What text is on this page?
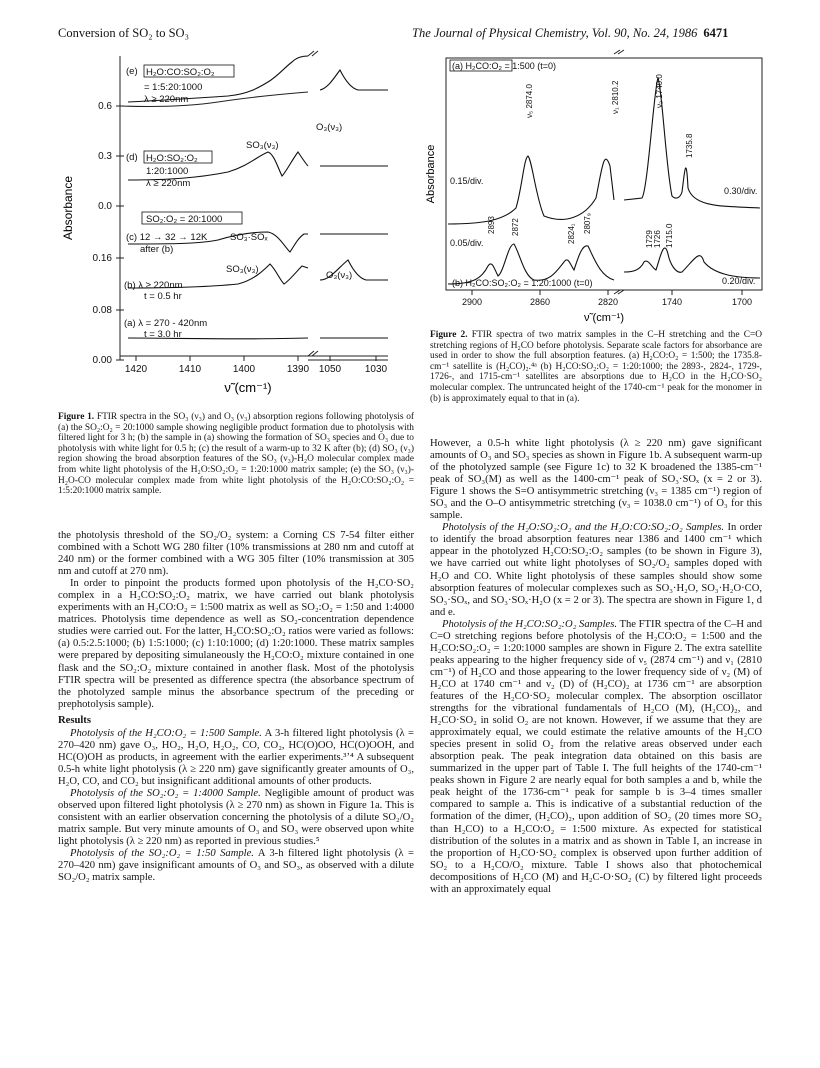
Conversion of SO₂ to SO₃	The Journal of Physical Chemistry, Vol. 90, No. 24, 1986 6471
0.6
0.3
0.0
0.16
0.08
0.00
Absorbance
1420	1410	1400	1390 1050 1030
ν̃ (cm⁻¹)
(e) H₂O:CO:SO₂:O₂
= 1:5:20:1000
λ ≥ 220nm
O₃(ν₃)
SO₃(ν₃)
(d) H₂O:SO₂:O₂
1:20:1000
λ ≥ 220nm
SO₂:O₂ = 20:1000
(c) 12 → 32 → 12K SO₃·SOₓ
after (b)
SO₃(ν₃)
O₃(ν₃)
(b) λ ≥ 220nm
t = 0.5 hr
(a) λ = 270 - 420nm
t = 3.0 hr
Figure 1. FTIR spectra in the SO₃ (ν₃) and O₃ (ν₃) absorption regions following photolysis of (a) the SO₂:O₂ = 20:1000 sample showing negligible product formation due to photolysis with filtered light for 3 h; (b) the sample in (a) showing the formation of SO₃ species and O₃ due to photolysis with white light for 0.5 h; (c) the result of a warm-up to 32 K after (b); (d) SO₃ (ν₃) region showing the broad absorption features of the SO₃ (ν₃)-H₂O molecular complex made from white light photolysis of the H₂O:SO₂:O₂ = 1:20:1000 matrix sample; (e) the SO₃ (ν₃)-H₂O-CO molecular complex made from white light photolysis of the H₂O:CO:SO₂:O₂ = 1:5:20:1000 matrix sample.

the photolysis threshold of the SO₂/O₂ system: a Corning CS 7-54 filter either combined with a Schott WG 280 filter (10% transmissions at 280 nm and cutoff at 240 nm) or the former combined with a WG 305 filter (10% transmission at 305 nm and cutoff at 270 nm).

In order to pinpoint the products formed upon photolysis of the H₂CO·SO₂ complex in a H₂CO:SO₂:O₂ matrix, we have carried out blank photolysis experiments with an H₂CO:O₂ = 1:500 matrix as well as SO₂:O₂ = 1:50 and 1:4000 matrices. Photolysis time dependence as well as SO₂-concentration dependence studies were carried out. For the latter, H₂CO:SO₂:O₂ ratios were varied as follows: (a) 0.5:2.5:1000; (b) 1:5:1000; (c) 1:10:1000; (d) 1:20:1000. These matrix samples were prepared by depositing simulaneously the H₂CO:O₂ mixture contained in one flask and the SO₂:O₂ mixture contained in another flask. Most of the photolysis FTIR spectra will be presented as difference spectra (the absorbance spectrum of the photolyzed sample minus the absorbance spectrum of the preceding or prephotolysis sample).

Results

Photolysis of the H₂CO:O₂ = 1:500 Sample. A 3-h filtered light photolysis (λ = 270–420 nm) gave O₃, HO₂, H₂O, H₂O₂, CO, CO₂, HC(O)OO, HC(O)OOH, and HC(O)OH as products, in agreement with the earlier experiments.³ʼ⁴ A subsequent 0.5-h white light photolysis (λ ≥ 220 nm) gave significantly greater amounts of O₃, H₂O, CO, and CO₂ but insignificant additional amounts of other products.

Photolysis of the SO₂:O₂ = 1:4000 Sample. Negligible amount of product was observed upon filtered light photolysis (λ ≥ 270 nm) as shown in Figure 1a. This is consistent with an earlier observation concerning the photolysis of a dilute SO₂/O₂ matrix sample. But very minute amounts of O₃ and SO₃ were observed upon white light photolysis (λ ≥ 220 nm) as reported in previous studies.⁵

Photolysis of the SO₂:O₂ = 1:50 Sample. A 3-h filtered light photolysis (λ = 270–420 nm) gave insignificant amounts of O₃ and SO₃, as observed with a dilute SO₂/O₂ matrix sample.

(a) H₂CO:O₂ = 1:500 (t=0)
(b) H₂CO:SO₂:O₂ = 1:20:1000 (t=0)
0.15/div.
0.30/div.
0.05/div.
0.20/div.
ν₅ 2874.0	ν₁ 2810.2	ν₂ 1740.0
1735.8
2893 2872	2824₁ 2807₉
1729 1726 1715.0
Absorbance
2900	2860	2820	1740	1700
ν̃ (cm⁻¹)
Figure 2. FTIR spectra of two matrix samples in the C–H stretching and the C=O stretching regions of H₂CO before photolysis. Separate scale factors for absorbance are used in order to show the full absorption features. (a) H₂CO:O₂ = 1:500; the 1735.8-cm⁻¹ satellite is (H₂CO)₂.⁴ᵃ (b) H₂CO:SO₂:O₂ = 1:20:1000; the 2893-, 2824-, 1729-, 1726-, and 1715-cm⁻¹ satellites are absorptions due to H₂CO in the H₂CO·SO₂ molecular complex. The untruncated height of the 1740-cm⁻¹ peak for the monomer in (b) is approximately equal to that in (a).

However, a 0.5-h white light photolysis (λ ≥ 220 nm) gave significant amounts of O₃ and SO₃ species as shown in Figure 1b. A subsequent warm-up of the photolyzed sample (see Figure 1c) to 32 K broadened the 1385-cm⁻¹ peak of SO₃(M) as well as the 1400-cm⁻¹ peak of SO₃·SOₓ (x = 2 or 3). Figure 1 shows the S=O antisymmetric stretching (ν₃ = 1385 cm⁻¹) region of SO₃ and the O–O antisymmetric stretching (ν₃ = 1038.0 cm⁻¹) of O₃ for this sample.

Photolysis of the H₂O:SO₂:O₂ and the H₂O:CO:SO₂:O₂ Samples. In order to identify the broad absorption features near 1386 and 1400 cm⁻¹ which appear in the photolyzed H₂CO:SO₂:O₂ samples (to be shown in Figure 3), we have carried out white light photolyses of SO₂/O₂ samples doped with H₂O and CO. White light photolysis of these samples should show some absorption features of molecular complexes such as SO₃·H₂O, SO₃·H₂O·CO, SO₃·SOₓ, and SO₃·SOₓ·H₂O (x = 2 or 3). The spectra are shown in Figure 1, d and e.

Photolysis of the H₂CO:SO₂:O₂ Samples. The FTIR spectra of the C–H and C=O stretching regions before photolysis of the H₂CO:O₂ = 1:500 and the H₂CO:SO₂:O₂ = 1:20:1000 samples are shown in Figure 2. The extra satellite peaks appearing to the higher frequency side of ν₅ (2874 cm⁻¹) and ν₁ (2810 cm⁻¹) of H₂CO and those appearing to the lower frequency side of ν₂ (M) of H₂CO at 1740 cm⁻¹ and ν₂ (D) of (H₂CO)₂ at 1736 cm⁻¹ are absorption features of the H₂CO·SO₂ molecular complex. The absorption oscillator strengths for the vibrational fundamentals of H₂CO (M), (H₂CO)₂, and H₂CO·SO₂ in solid O₂ are not known. However, if we assume that they are approximately equal, we could estimate the relative amounts of the H₂CO species present in solid O₂ from the relative areas observed under each absorption peak. The peak integration data obtained on this basis are summarized in the upper part of Table I. The full heights of the 1740-cm⁻¹ peaks shown in Figure 2 are nearly equal for both samples a and b, while the peak height of the 1736-cm⁻¹ peak for sample b is 3–4 times smaller compared to sample a. This is indicative of a substantial reduction of the formation of the dimer, (H₂CO)₂, upon addition of SO₂ (20 times more SO₂ than H₂CO) to a H₂CO:O₂ = 1:500 mixture. As expected for statistical distribution of the solutes in a matrix and as shown in Table I, an increase in the proportion of H₂CO·SO₂ complex is observed upon further addition of SO₂ to a H₂CO/O₂ mixture. Table I shows also that photochemical decompositions of H₂CO (M) and H₂C-O·SO₂ (C) by filtered light proceeds with an approximately equal
